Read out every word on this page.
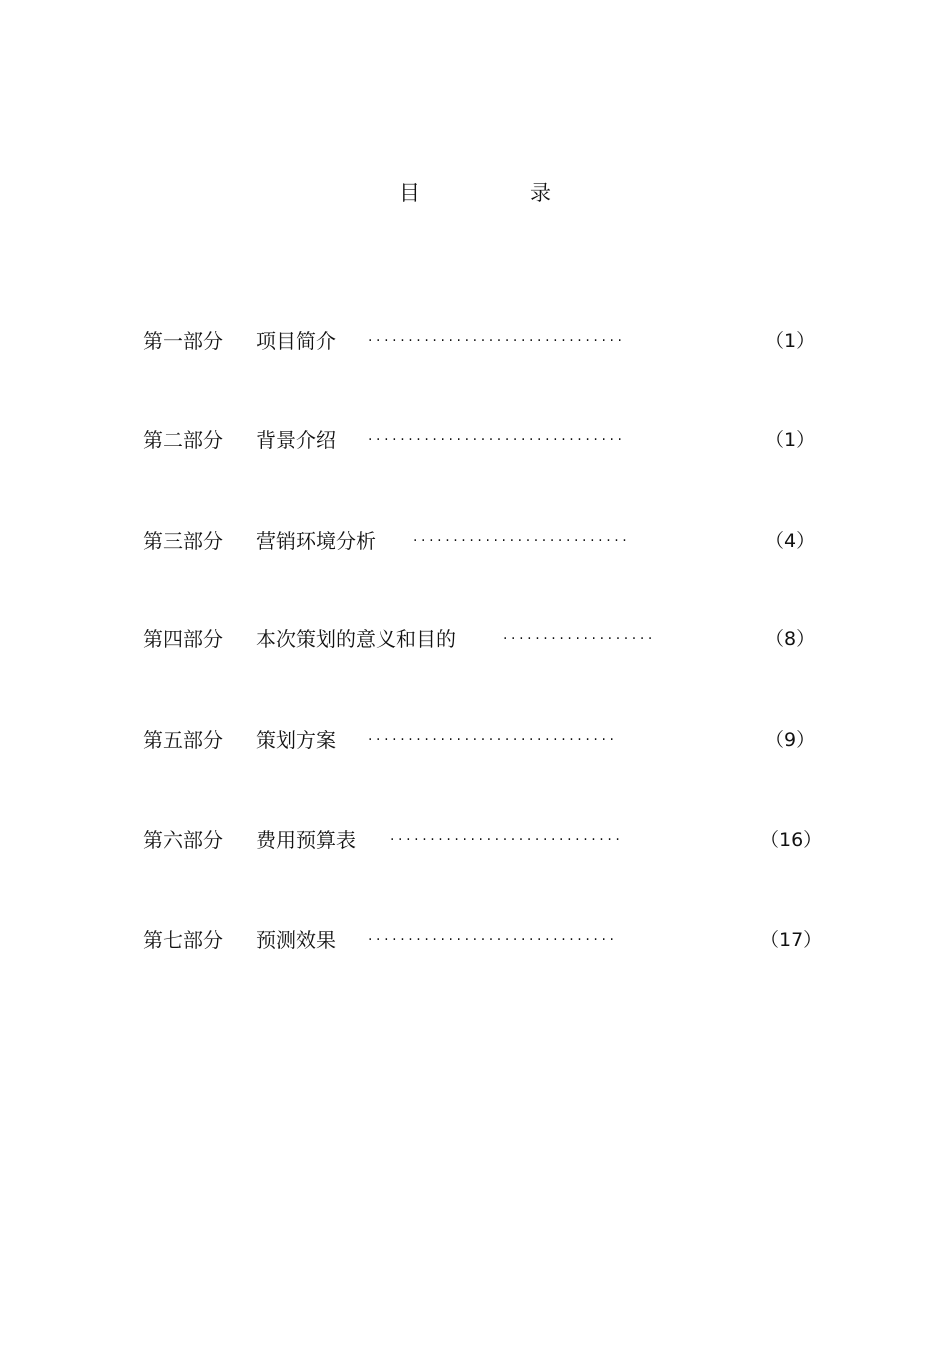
目	录
第一部分 项目简介 ································	（1）
第二部分 背景介绍 ································	（1）
第三部分 营销环境分析	···························	（4）
第四部分 本次策划的意义和目的	···················	（8）
第五部分 策划方案 ·······························	（9）
第六部分 费用预算表 ·····························	（16）
第七部分 预测效果 ·······························	（17）
